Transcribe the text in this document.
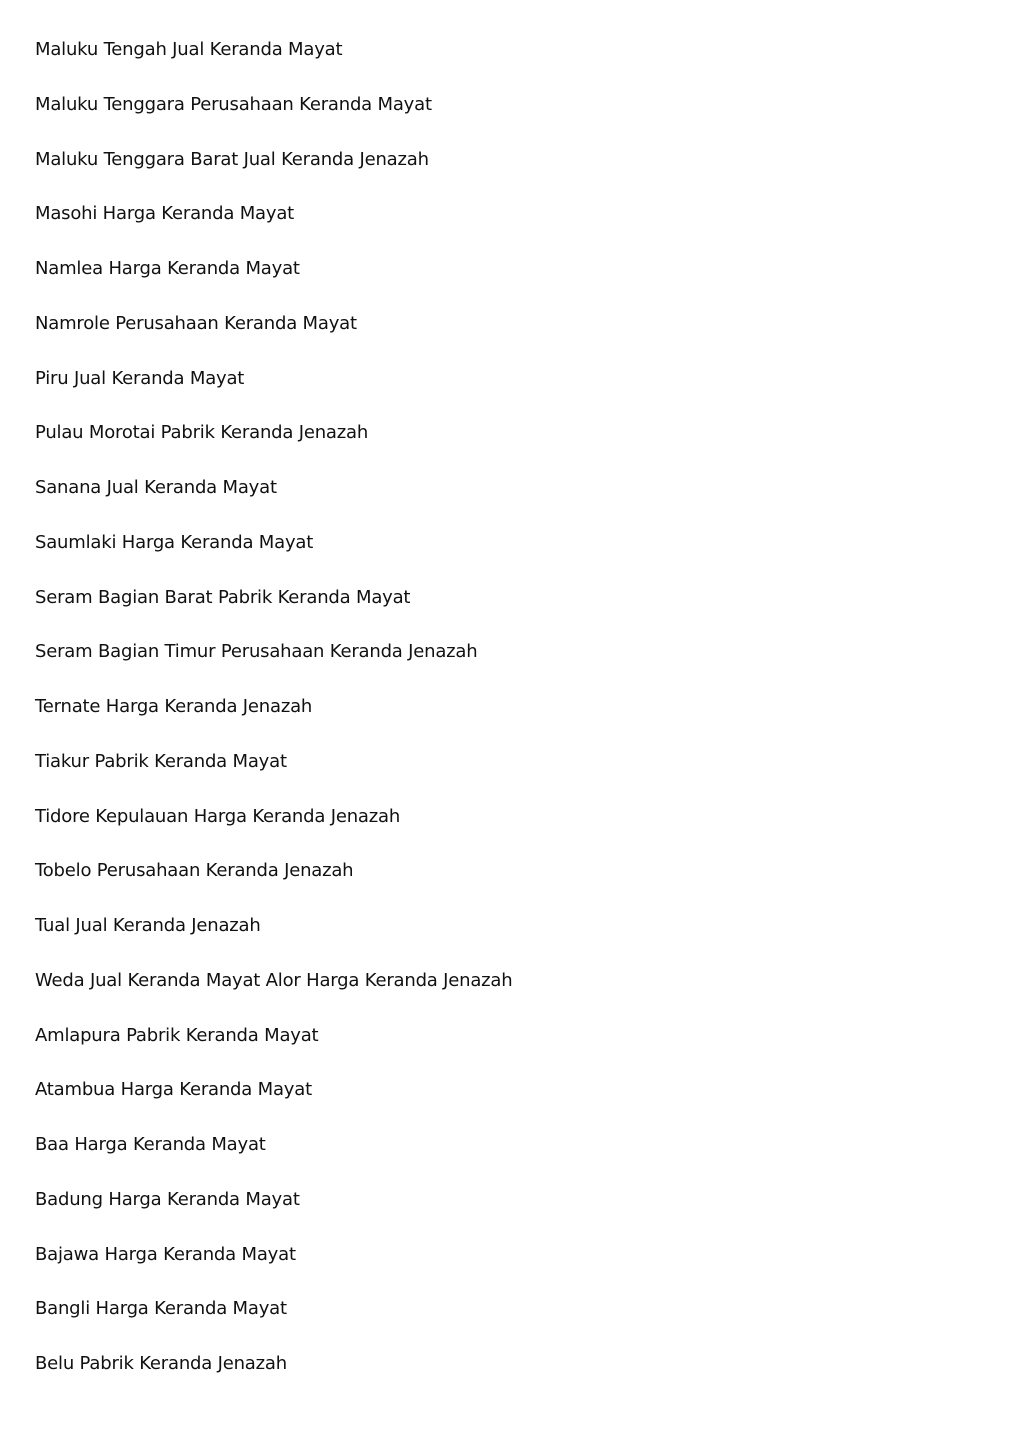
Maluku Tengah Jual Keranda Mayat
Maluku Tenggara Perusahaan Keranda Mayat
Maluku Tenggara Barat Jual Keranda Jenazah
Masohi Harga Keranda Mayat
Namlea Harga Keranda Mayat
Namrole Perusahaan Keranda Mayat
Piru Jual Keranda Mayat
Pulau Morotai Pabrik Keranda Jenazah
Sanana Jual Keranda Mayat
Saumlaki Harga Keranda Mayat
Seram Bagian Barat Pabrik Keranda Mayat
Seram Bagian Timur Perusahaan Keranda Jenazah
Ternate Harga Keranda Jenazah
Tiakur Pabrik Keranda Mayat
Tidore Kepulauan Harga Keranda Jenazah
Tobelo Perusahaan Keranda Jenazah
Tual Jual Keranda Jenazah
Weda Jual Keranda Mayat Alor Harga Keranda Jenazah
Amlapura Pabrik Keranda Mayat
Atambua Harga Keranda Mayat
Baa Harga Keranda Mayat
Badung Harga Keranda Mayat
Bajawa Harga Keranda Mayat
Bangli Harga Keranda Mayat
Belu Pabrik Keranda Jenazah
